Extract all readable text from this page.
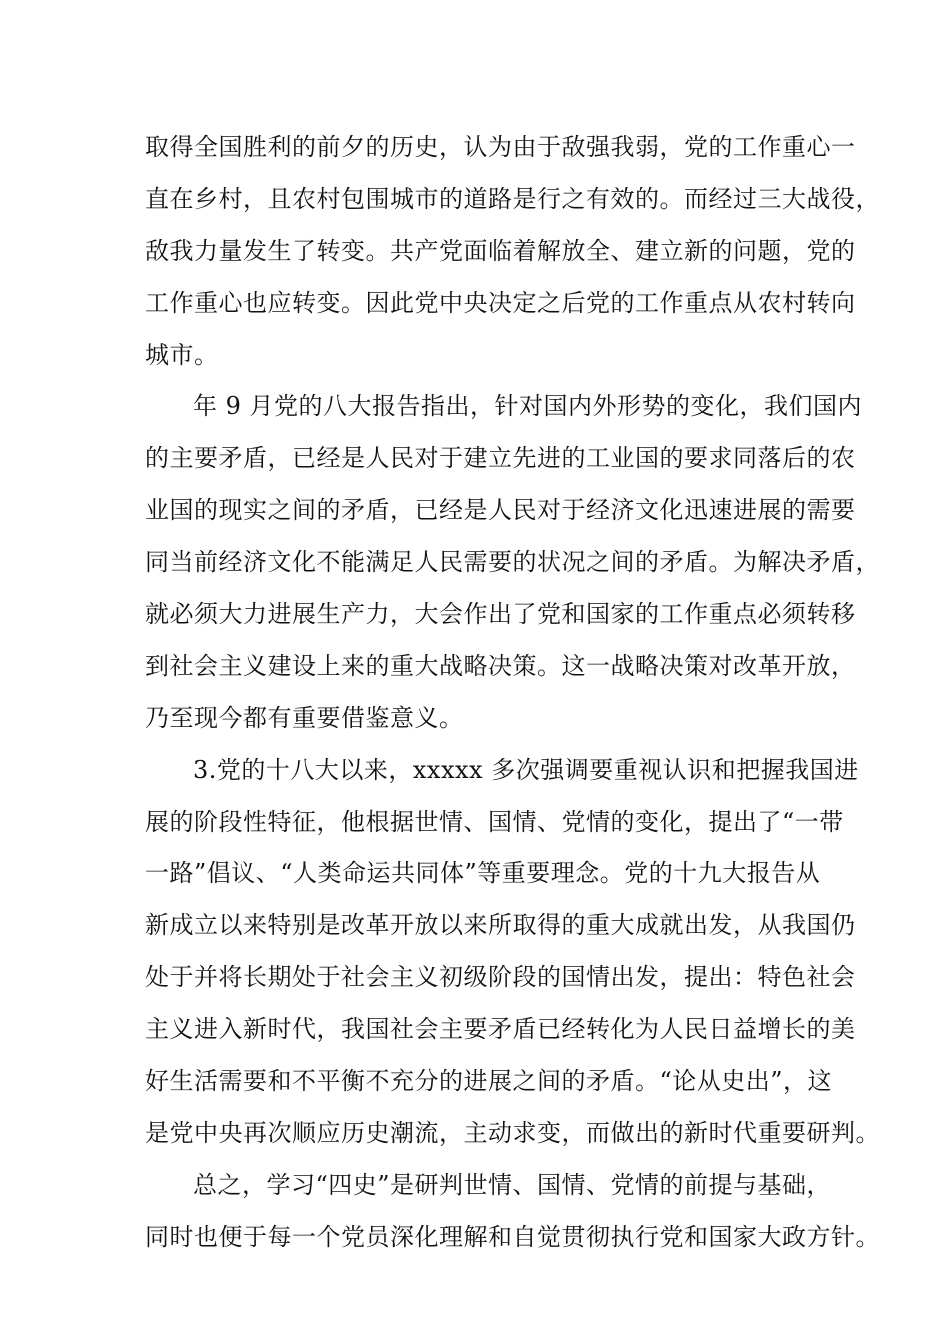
取得全国胜利的前夕的历史，认为由于敌强我弱，党的工作重心一
直在乡村，且农村包围城市的道路是行之有效的。而经过三大战役，
敌我力量发生了转变。共产党面临着解放全、建立新的问题，党的
工作重心也应转变。因此党中央决定之后党的工作重点从农村转向
城市。
年 9 月党的八大报告指出，针对国内外形势的变化，我们国内
的主要矛盾，已经是人民对于建立先进的工业国的要求同落后的农
业国的现实之间的矛盾，已经是人民对于经济文化迅速进展的需要
同当前经济文化不能满足人民需要的状况之间的矛盾。为解决矛盾，
就必须大力进展生产力，大会作出了党和国家的工作重点必须转移
到社会主义建设上来的重大战略决策。这一战略决策对改革开放，
乃至现今都有重要借鉴意义。
3.党的十八大以来，xxxxx 多次强调要重视认识和把握我国进
展的阶段性特征，他根据世情、国情、党情的变化，提出了“一带
一路”倡议、“人类命运共同体”等重要理念。党的十九大报告从
新成立以来特别是改革开放以来所取得的重大成就出发，从我国仍
处于并将长期处于社会主义初级阶段的国情出发，提出：特色社会
主义进入新时代，我国社会主要矛盾已经转化为人民日益增长的美
好生活需要和不平衡不充分的进展之间的矛盾。“论从史出”，这
是党中央再次顺应历史潮流，主动求变，而做出的新时代重要研判。
总之，学习“四史”是研判世情、国情、党情的前提与基础，
同时也便于每一个党员深化理解和自觉贯彻执行党和国家大政方针。
